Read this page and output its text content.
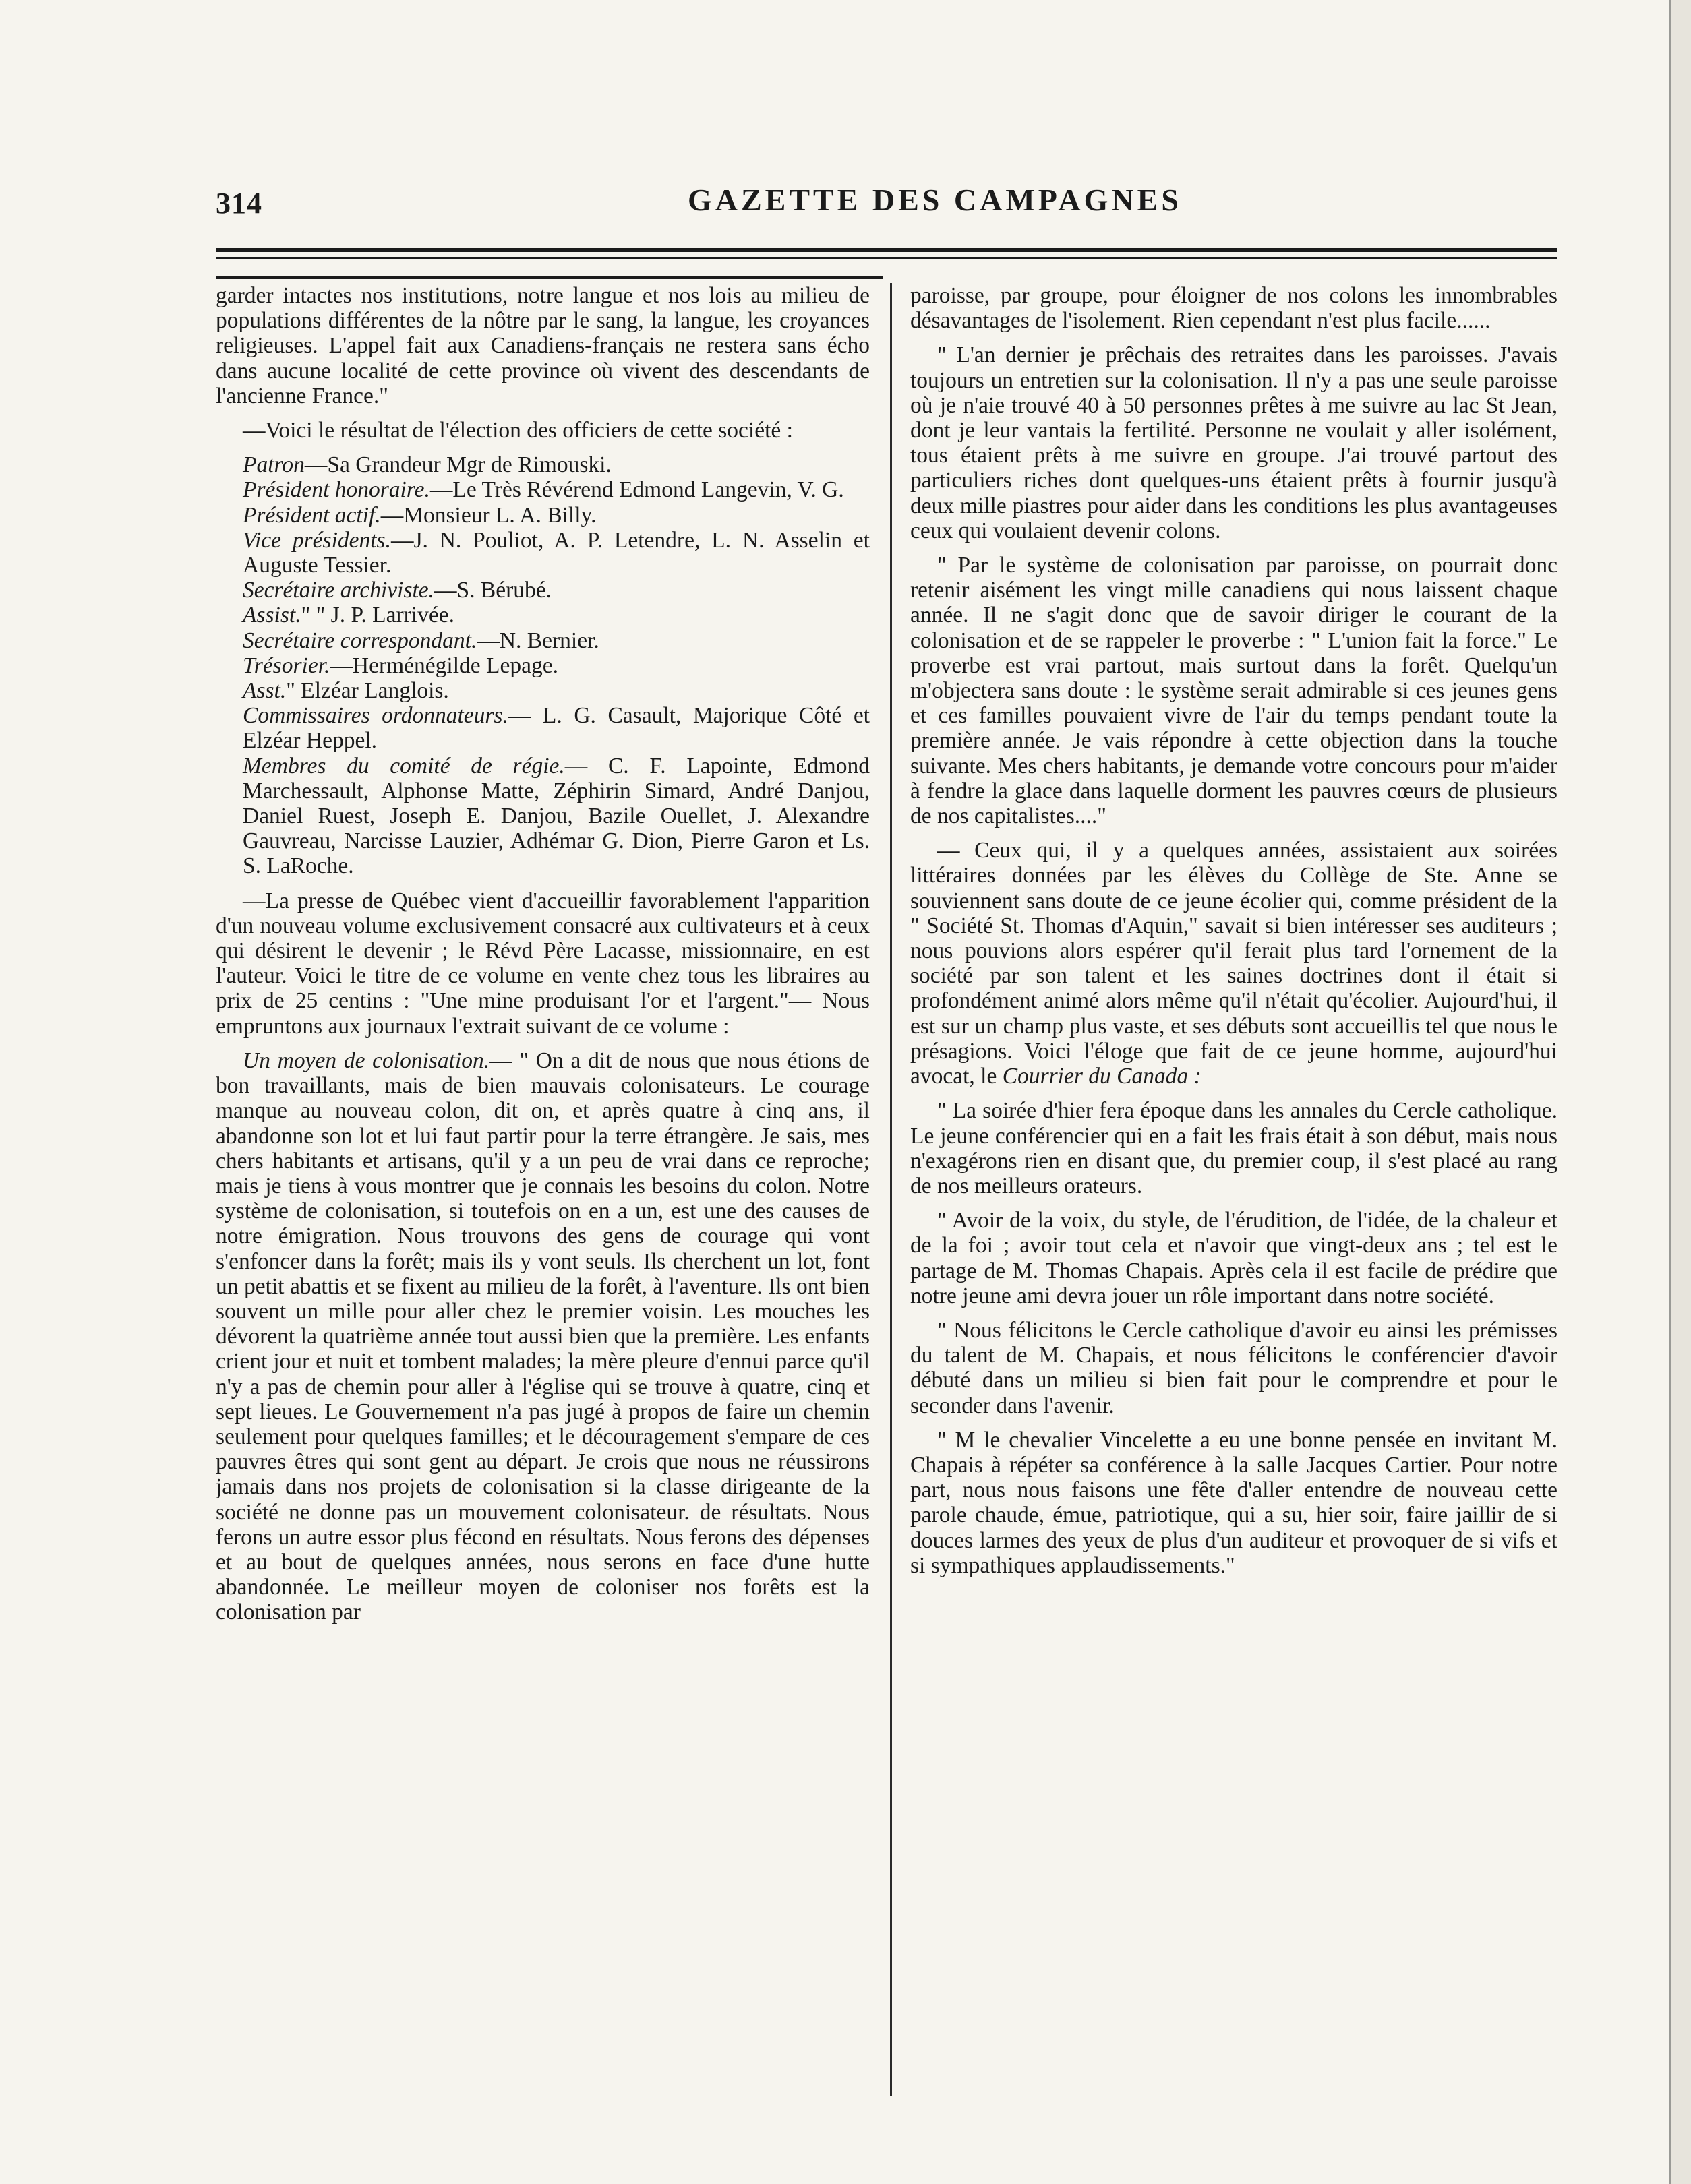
314	GAZETTE DES CAMPAGNES

garder intactes nos institutions, notre langue et nos lois au milieu de populations différentes de la nôtre par le sang, la langue, les croyances religieuses. L'appel fait aux Canadiens-français ne restera sans écho dans aucune localité de cette province où vivent des descendants de l'ancienne France."

—Voici le résultat de l'élection des officiers de cette société :

Patron—Sa Grandeur Mgr de Rimouski.
Président honoraire.—Le Très Révérend Edmond Langevin, V. G.
Président actif.—Monsieur L. A. Billy.
Vice présidents.—J. N. Pouliot, A. P. Letendre, L. N. Asselin et Auguste Tessier.
Secrétaire archiviste.—S. Bérubé.
Assist." " J. P. Larrivée.
Secrétaire correspondant.—N. Bernier.
Trésorier.—Herménégilde Lepage.
Asst." Elzéar Langlois.
Commissaires ordonnateurs.— L. G. Casault, Majorique Côté et Elzéar Heppel.
Membres du comité de régie.— C. F. Lapointe, Edmond Marchessault, Alphonse Matte, Zéphirin Simard, André Danjou, Daniel Ruest, Joseph E. Danjou, Bazile Ouellet, J. Alexandre Gauvreau, Narcisse Lauzier, Adhémar G. Dion, Pierre Garon et Ls. S. LaRoche.

—La presse de Québec vient d'accueillir favorablement l'apparition d'un nouveau volume exclusivement consacré aux cultivateurs et à ceux qui désirent le devenir ; le Révd Père Lacasse, missionnaire, en est l'auteur. Voici le titre de ce volume en vente chez tous les libraires au prix de 25 centins : "Une mine produisant l'or et l'argent."— Nous empruntons aux journaux l'extrait suivant de ce volume :

Un moyen de colonisation.— " On a dit de nous que nous étions de bon travaillants, mais de bien mauvais colonisateurs. Le courage manque au nouveau colon, dit on, et après quatre à cinq ans, il abandonne son lot et lui faut partir pour la terre étrangère. Je sais, mes chers habitants et artisans, qu'il y a un peu de vrai dans ce reproche; mais je tiens à vous montrer que je connais les besoins du colon. Notre système de colonisation, si toutefois on en a un, est une des causes de notre émigration. Nous trouvons des gens de courage qui vont s'enfoncer dans la forêt; mais ils y vont seuls. Ils cherchent un lot, font un petit abattis et se fixent au milieu de la forêt, à l'aventure. Ils ont bien souvent un mille pour aller chez le premier voisin. Les mouches les dévorent la quatrième année tout aussi bien que la première. Les enfants crient jour et nuit et tombent malades; la mère pleure d'ennui parce qu'il n'y a pas de chemin pour aller à l'église qui se trouve à quatre, cinq et sept lieues. Le Gouvernement n'a pas jugé à propos de faire un chemin seulement pour quelques familles; et le découragement s'empare de ces pauvres êtres qui sont gent au départ. Je crois que nous ne réussirons jamais dans nos projets de colonisation si la classe dirigeante de la société ne donne pas un mouvement colonisateur. de résultats. Nous ferons un autre essor plus fécond en résultats. Nous ferons des dépenses et au bout de quelques années, nous serons en face d'une hutte abandonnée. Le meilleur moyen de coloniser nos forêts est la colonisation par

paroisse, par groupe, pour éloigner de nos colons les innombrables désavantages de l'isolement. Rien cependant n'est plus facile......

" L'an dernier je prêchais des retraites dans les paroisses. J'avais toujours un entretien sur la colonisation. Il n'y a pas une seule paroisse où je n'aie trouvé 40 à 50 personnes prêtes à me suivre au lac St Jean, dont je leur vantais la fertilité. Personne ne voulait y aller isolément, tous étaient prêts à me suivre en groupe. J'ai trouvé partout des particuliers riches dont quelques-uns étaient prêts à fournir jusqu'à deux mille piastres pour aider dans les conditions les plus avantageuses ceux qui voulaient devenir colons.

" Par le système de colonisation par paroisse, on pourrait donc retenir aisément les vingt mille canadiens qui nous laissent chaque année. Il ne s'agit donc que de savoir diriger le courant de la colonisation et de se rappeler le proverbe : " L'union fait la force." Le proverbe est vrai partout, mais surtout dans la forêt. Quelqu'un m'objectera sans doute : le système serait admirable si ces jeunes gens et ces familles pouvaient vivre de l'air du temps pendant toute la première année. Je vais répondre à cette objection dans la touche suivante. Mes chers habitants, je demande votre concours pour m'aider à fendre la glace dans laquelle dorment les pauvres cœurs de plusieurs de nos capitalistes...."

— Ceux qui, il y a quelques années, assistaient aux soirées littéraires données par les élèves du Collège de Ste. Anne se souviennent sans doute de ce jeune écolier qui, comme président de la " Société St. Thomas d'Aquin," savait si bien intéresser ses auditeurs ; nous pouvions alors espérer qu'il ferait plus tard l'ornement de la société par son talent et les saines doctrines dont il était si profondément animé alors même qu'il n'était qu'écolier. Aujourd'hui, il est sur un champ plus vaste, et ses débuts sont accueillis tel que nous le présagions. Voici l'éloge que fait de ce jeune homme, aujourd'hui avocat, le Courrier du Canada :

" La soirée d'hier fera époque dans les annales du Cercle catholique. Le jeune conférencier qui en a fait les frais était à son début, mais nous n'exagérons rien en disant que, du premier coup, il s'est placé au rang de nos meilleurs orateurs.

" Avoir de la voix, du style, de l'érudition, de l'idée, de la chaleur et de la foi ; avoir tout cela et n'avoir que vingt-deux ans ; tel est le partage de M. Thomas Chapais. Après cela il est facile de prédire que notre jeune ami devra jouer un rôle important dans notre société.

" Nous félicitons le Cercle catholique d'avoir eu ainsi les prémisses du talent de M. Chapais, et nous félicitons le conférencier d'avoir débuté dans un milieu si bien fait pour le comprendre et pour le seconder dans l'avenir.

" M le chevalier Vincelette a eu une bonne pensée en invitant M. Chapais à répéter sa conférence à la salle Jacques Cartier. Pour notre part, nous nous faisons une fête d'aller entendre de nouveau cette parole chaude, émue, patriotique, qui a su, hier soir, faire jaillir de si douces larmes des yeux de plus d'un auditeur et provoquer de si vifs et si sympathiques applaudissements."
